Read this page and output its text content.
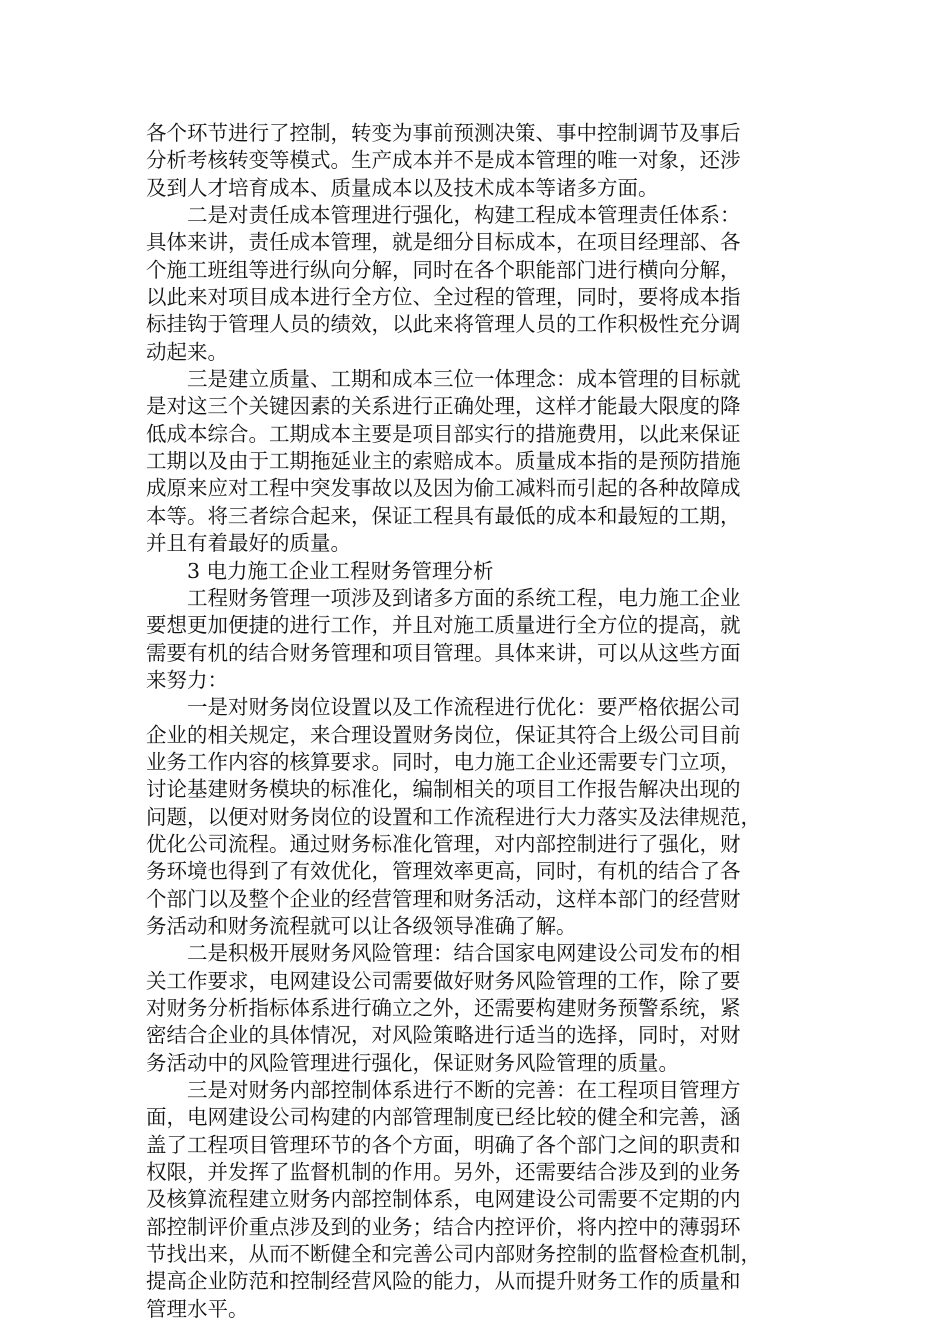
各个环节进行了控制，转变为事前预测决策、事中控制调节及事后
分析考核转变等模式。生产成本并不是成本管理的唯一对象，还涉
及到人才培育成本、质量成本以及技术成本等诸多方面。
二是对责任成本管理进行强化，构建工程成本管理责任体系：
具体来讲，责任成本管理，就是细分目标成本，在项目经理部、各
个施工班组等进行纵向分解，同时在各个职能部门进行横向分解，
以此来对项目成本进行全方位、全过程的管理，同时，要将成本指
标挂钩于管理人员的绩效，以此来将管理人员的工作积极性充分调
动起来。
三是建立质量、工期和成本三位一体理念：成本管理的目标就
是对这三个关键因素的关系进行正确处理，这样才能最大限度的降
低成本综合。工期成本主要是项目部实行的措施费用，以此来保证
工期以及由于工期拖延业主的索赔成本。质量成本指的是预防措施
成原来应对工程中突发事故以及因为偷工减料而引起的各种故障成
本等。将三者综合起来，保证工程具有最低的成本和最短的工期，
并且有着最好的质量。
3 电力施工企业工程财务管理分析
工程财务管理一项涉及到诸多方面的系统工程，电力施工企业
要想更加便捷的进行工作，并且对施工质量进行全方位的提高，就
需要有机的结合财务管理和项目管理。具体来讲，可以从这些方面
来努力：
一是对财务岗位设置以及工作流程进行优化：要严格依据公司
企业的相关规定，来合理设置财务岗位，保证其符合上级公司目前
业务工作内容的核算要求。同时，电力施工企业还需要专门立项，
讨论基建财务模块的标准化，编制相关的项目工作报告解决出现的
问题，以便对财务岗位的设置和工作流程进行大力落实及法律规范，
优化公司流程。通过财务标准化管理，对内部控制进行了强化，财
务环境也得到了有效优化，管理效率更高，同时，有机的结合了各
个部门以及整个企业的经营管理和财务活动，这样本部门的经营财
务活动和财务流程就可以让各级领导准确了解。
二是积极开展财务风险管理：结合国家电网建设公司发布的相
关工作要求，电网建设公司需要做好财务风险管理的工作，除了要
对财务分析指标体系进行确立之外，还需要构建财务预警系统，紧
密结合企业的具体情况，对风险策略进行适当的选择，同时，对财
务活动中的风险管理进行强化，保证财务风险管理的质量。
三是对财务内部控制体系进行不断的完善：在工程项目管理方
面，电网建设公司构建的内部管理制度已经比较的健全和完善，涵
盖了工程项目管理环节的各个方面，明确了各个部门之间的职责和
权限，并发挥了监督机制的作用。另外，还需要结合涉及到的业务
及核算流程建立财务内部控制体系，电网建设公司需要不定期的内
部控制评价重点涉及到的业务；结合内控评价，将内控中的薄弱环
节找出来，从而不断健全和完善公司内部财务控制的监督检查机制，
提高企业防范和控制经营风险的能力，从而提升财务工作的质量和
管理水平。
